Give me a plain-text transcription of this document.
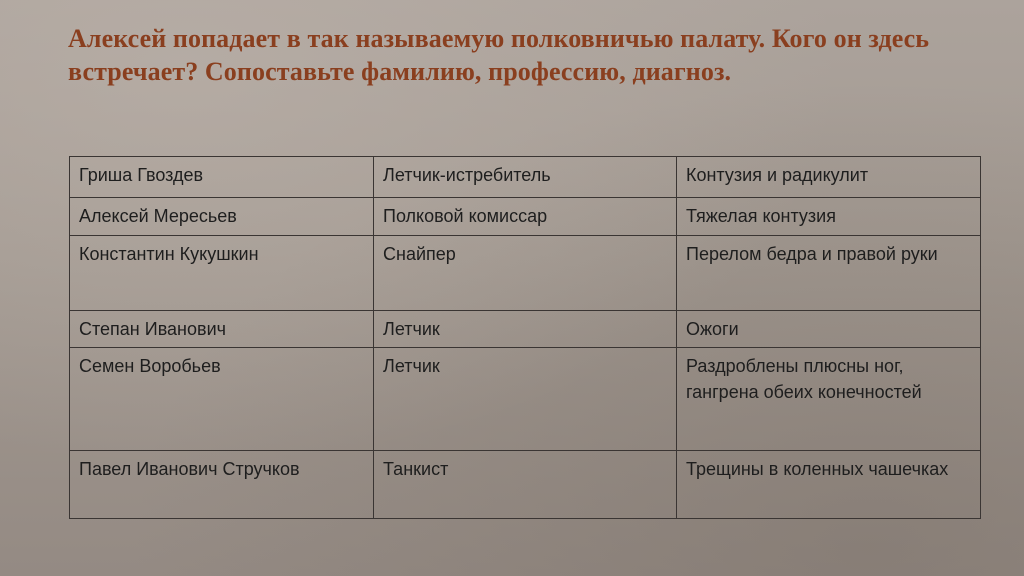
Алексей попадает в так называемую полковничью палату. Кого он здесь встречает? Сопоставьте фамилию, профессию, диагноз.
Гриша Гвоздев	Летчик-истребитель	Контузия и радикулит
Алексей Мересьев	Полковой комиссар	Тяжелая контузия
Константин Кукушкин	Снайпер	Перелом бедра и правой руки
Степан Иванович	Летчик	Ожоги
Семен Воробьев	Летчик	Раздроблены плюсны ног, гангрена обеих конечностей
Павел Иванович Стручков	Танкист	Трещины в коленных чашечках
